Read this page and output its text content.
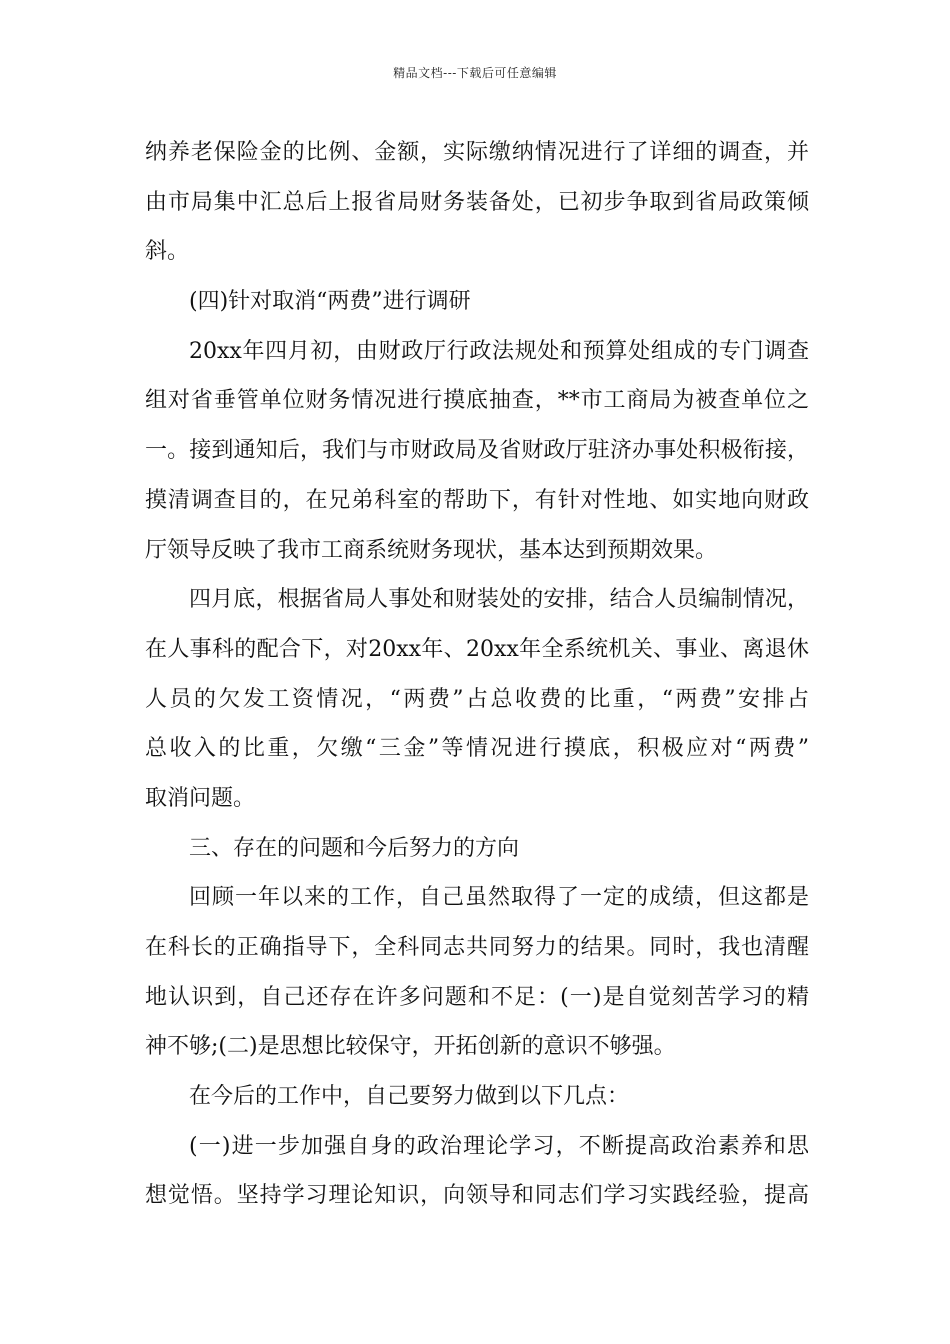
精品文档---下载后可任意编辑
纳养老保险金的比例、金额，实际缴纳情况进行了详细的调查，并
由市局集中汇总后上报省局财务装备处，已初步争取到省局政策倾
斜。
(四)针对取消“两费”进行调研
20xx年四月初，由财政厅行政法规处和预算处组成的专门调查
组对省垂管单位财务情况进行摸底抽查，**市工商局为被查单位之
一。接到通知后，我们与市财政局及省财政厅驻济办事处积极衔接，
摸清调查目的，在兄弟科室的帮助下，有针对性地、如实地向财政
厅领导反映了我市工商系统财务现状，基本达到预期效果。
四月底，根据省局人事处和财装处的安排，结合人员编制情况，
在人事科的配合下，对20xx年、20xx年全系统机关、事业、离退休
人员的欠发工资情况，“两费”占总收费的比重，“两费”安排占
总收入的比重，欠缴“三金”等情况进行摸底，积极应对“两费”
取消问题。
三、存在的问题和今后努力的方向
回顾一年以来的工作，自己虽然取得了一定的成绩，但这都是
在科长的正确指导下，全科同志共同努力的结果。同时，我也清醒
地认识到，自己还存在许多问题和不足：(一)是自觉刻苦学习的精
神不够;(二)是思想比较保守，开拓创新的意识不够强。
在今后的工作中，自己要努力做到以下几点：
(一)进一步加强自身的政治理论学习，不断提高政治素养和思
想觉悟。坚持学习理论知识，向领导和同志们学习实践经验，提高
